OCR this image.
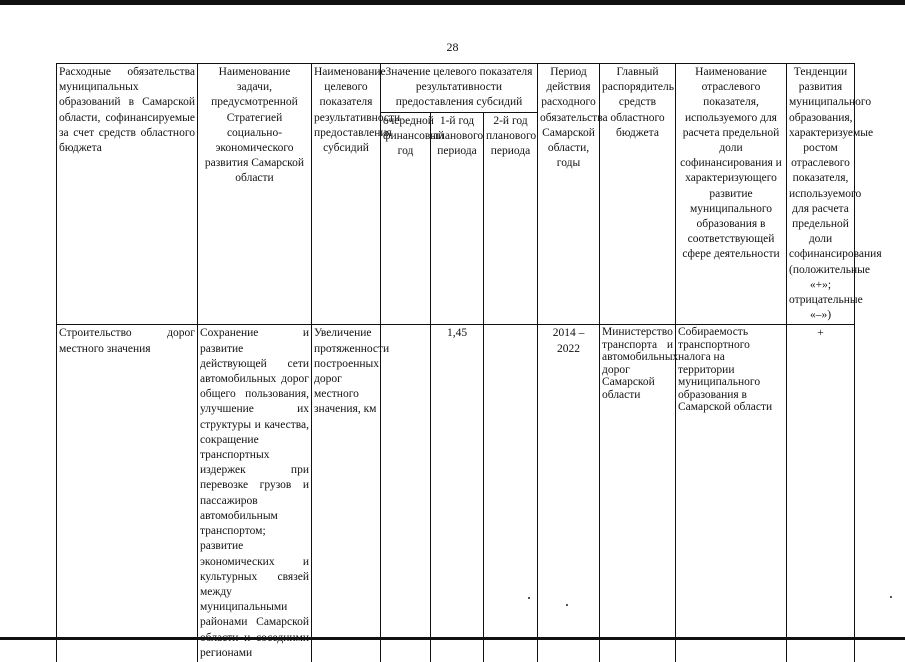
28
Расходные обязательства муниципальных образований в Самарской области, софинансируемые за счет средств областного бюджета	Наименование задачи, предусмотренной Стратегией социально-экономического развития Самарской области	Наименование целевого показателя результативности предоставления субсидий	Значение целевого показателя результативности предоставления субсидий			Период действия расходного обязательства Самарской области, годы	Главный распорядитель средств областного бюджета	Наименование отраслевого показателя, используемого для расчета предельной доли софинансирования и характеризующего развитие муниципального образования в соответствующей сфере деятельности	Тенденции развития муниципального образования, характеризуемые ростом отраслевого показателя, используемого для расчета предельной доли софинансирования (положительные «+»; отрицательные «–»)
			очередной финансовый год	1-й год планового периода	2-й год планового периода				
Строительство дорог местного значения	Сохранение и развитие действующей сети автомобильных дорог общего пользования, улучшение их структуры и качества, сокращение транспортных издержек при перевозке грузов и пассажиров автомобильным транспортом; развитие экономических и культурных связей между муниципальными районами Самарской регионами	Увеличение протяженности построенных дорог местного значения, км		1,45		2014 – 2022	Министерство транспорта и автомобильных дорог Самарской области	Собираемость транспортного налога на территории муниципального образования в Самарской области	+
